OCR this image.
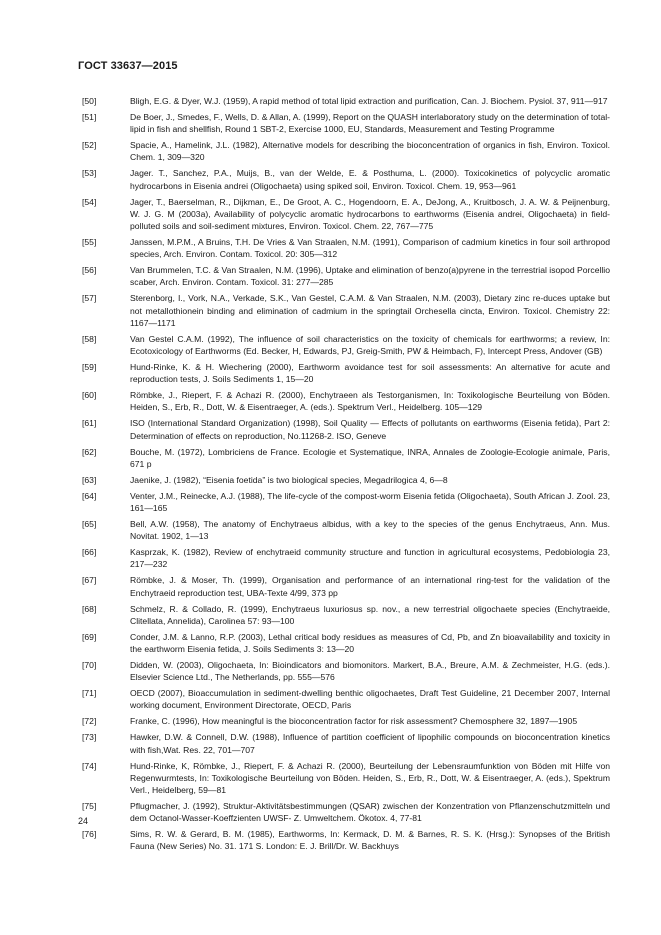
ГОСТ 33637—2015
[50]	Bligh, E.G. & Dyer, W.J. (1959), A rapid method of total lipid extraction and purification, Can. J. Biochem. Pysiol. 37, 911—917
[51]	De Boer, J., Smedes, F., Wells, D. & Allan, A. (1999), Report on the QUASH interlaboratory study on the determination of total-lipid in fish and shellfish, Round 1 SBT-2, Exercise 1000, EU, Standards, Measurement and Testing Programme
[52]	Spacie, A., Hamelink, J.L. (1982), Alternative models for describing the bioconcentration of organics in fish, Environ. Toxicol. Chem. 1, 309—320
[53]	Jager. T., Sanchez, P.A., Muijs, B., van der Welde, E. & Posthuma, L. (2000). Toxicokinetics of polycyclic aromatic hydrocarbons in Eisenia andrei (Oligochaeta) using spiked soil, Environ. Toxicol. Chem. 19, 953—961
[54]	Jager, T., Baerselman, R., Dijkman, E., De Groot, A. C., Hogendoorn, E. A., DeJong, A., Kruitbosch, J. A. W. & Peijnenburg, W. J. G. M (2003a), Availability of polycyclic aromatic hydrocarbons to earthworms (Eisenia andrei, Oligochaeta) in field-polluted soils and soil-sediment mixtures, Environ. Toxicol. Chem. 22, 767—775
[55]	Janssen, M.P.M., A Bruins, T.H. De Vries & Van Straalen, N.M. (1991), Comparison of cadmium kinetics in four soil arthropod species, Arch. Environ. Contam. Toxicol. 20: 305—312
[56]	Van Brummelen, T.C. & Van Straalen, N.M. (1996), Uptake and elimination of benzo(a)pyrene in the terrestrial isopod Porcellio scaber, Arch. Environ. Contam. Toxicol. 31: 277—285
[57]	Sterenborg, I., Vork, N.A., Verkade, S.K., Van Gestel, C.A.M. & Van Straalen, N.M. (2003), Dietary zinc re-duces uptake but not metallothionein binding and elimination of cadmium in the springtail Orchesella cincta, Environ. Toxicol. Chemistry 22: 1167—1171
[58]	Van Gestel C.A.M. (1992), The influence of soil characteristics on the toxicity of chemicals for earthworms; a review, In: Ecotoxicology of Earthworms (Ed. Becker, H, Edwards, PJ, Greig-Smith, PW & Heimbach, F), Intercept Press, Andover (GB)
[59]	Hund-Rinke, K. & H. Wiechering (2000), Earthworm avoidance test for soil assessments: An alternative for acute and reproduction tests, J. Soils Sediments 1, 15—20
[60]	Römbke, J., Riepert, F. & Achazi R. (2000), Enchytraeen als Testorganismen, In: Toxikologische Beurteilung von Böden. Heiden, S., Erb, R., Dott, W. & Eisentraeger, A. (eds.). Spektrum Verl., Heidelberg. 105—129
[61]	ISO (International Standard Organization) (1998), Soil Quality — Effects of pollutants on earthworms (Eisenia fetida), Part 2: Determination of effects on reproduction, No.11268-2. ISO, Geneve
[62]	Bouche, M. (1972), Lombriciens de France. Ecologie et Systematique, INRA, Annales de Zoologie-Ecologie animale, Paris, 671 p
[63]	Jaenike, J. (1982), “Eisenia foetida” is two biological species, Megadrilogica 4, 6—8
[64]	Venter, J.M., Reinecke, A.J. (1988), The life-cycle of the compost-worm Eisenia fetida (Oligochaeta), South African J. Zool. 23, 161—165
[65]	Bell, A.W. (1958), The anatomy of Enchytraeus albidus, with a key to the species of the genus Enchytraeus, Ann. Mus. Novitat. 1902, 1—13
[66]	Kasprzak, K. (1982), Review of enchytraeid community structure and function in agricultural ecosystems, Pedobiologia 23, 217—232
[67]	Römbke, J. & Moser, Th. (1999), Organisation and performance of an international ring-test for the validation of the Enchytraeid reproduction test, UBA-Texte 4/99, 373 pp
[68]	Schmelz, R. & Collado, R. (1999), Enchytraeus luxuriosus sp. nov., a new terrestrial oligochaete species (Enchytraeide, Clitellata, Annelida), Carolinea 57: 93—100
[69]	Conder, J.M. & Lanno, R.P. (2003), Lethal critical body residues as measures of Cd, Pb, and Zn bioavailability and toxicity in the earthworm Eisenia fetida, J. Soils Sediments 3: 13—20
[70]	Didden, W. (2003), Oligochaeta, In: Bioindicators and biomonitors. Markert, B.A., Breure, A.M. & Zechmeister, H.G. (eds.). Elsevier Science Ltd., The Netherlands, pp. 555—576
[71]	OECD (2007), Bioaccumulation in sediment-dwelling benthic oligochaetes, Draft Test Guideline, 21 December 2007, Internal working document, Environment Directorate, OECD, Paris
[72]	Franke, C. (1996), How meaningful is the bioconcentration factor for risk assessment? Chemosphere 32, 1897—1905
[73]	Hawker, D.W. & Connell, D.W. (1988), Influence of partition coefficient of lipophilic compounds on bioconcentration kinetics with fish,Wat. Res. 22, 701—707
[74]	Hund-Rinke, K, Römbke, J., Riepert, F. & Achazi R. (2000), Beurteilung der Lebensraumfunktion von Böden mit Hilfe von Regenwurmtests, In: Toxikologische Beurteilung von Böden. Heiden, S., Erb, R., Dott, W. & Eisentraeger, A. (eds.), Spektrum Verl., Heidelberg, 59—81
[75]	Pflugmacher, J. (1992), Struktur-Aktivitätsbestimmungen (QSAR) zwischen der Konzentration von Pflanzenschutzmitteln und dem Octanol-Wasser-Koeffzienten UWSF- Z. Umweltchem. Ökotox. 4, 77-81
[76]	Sims, R. W. & Gerard, B. M. (1985), Earthworms, In: Kermack, D. M. & Barnes, R. S. K. (Hrsg.): Synopses of the British Fauna (New Series) No. 31. 171 S. London: E. J. Brill/Dr. W. Backhuys
24
